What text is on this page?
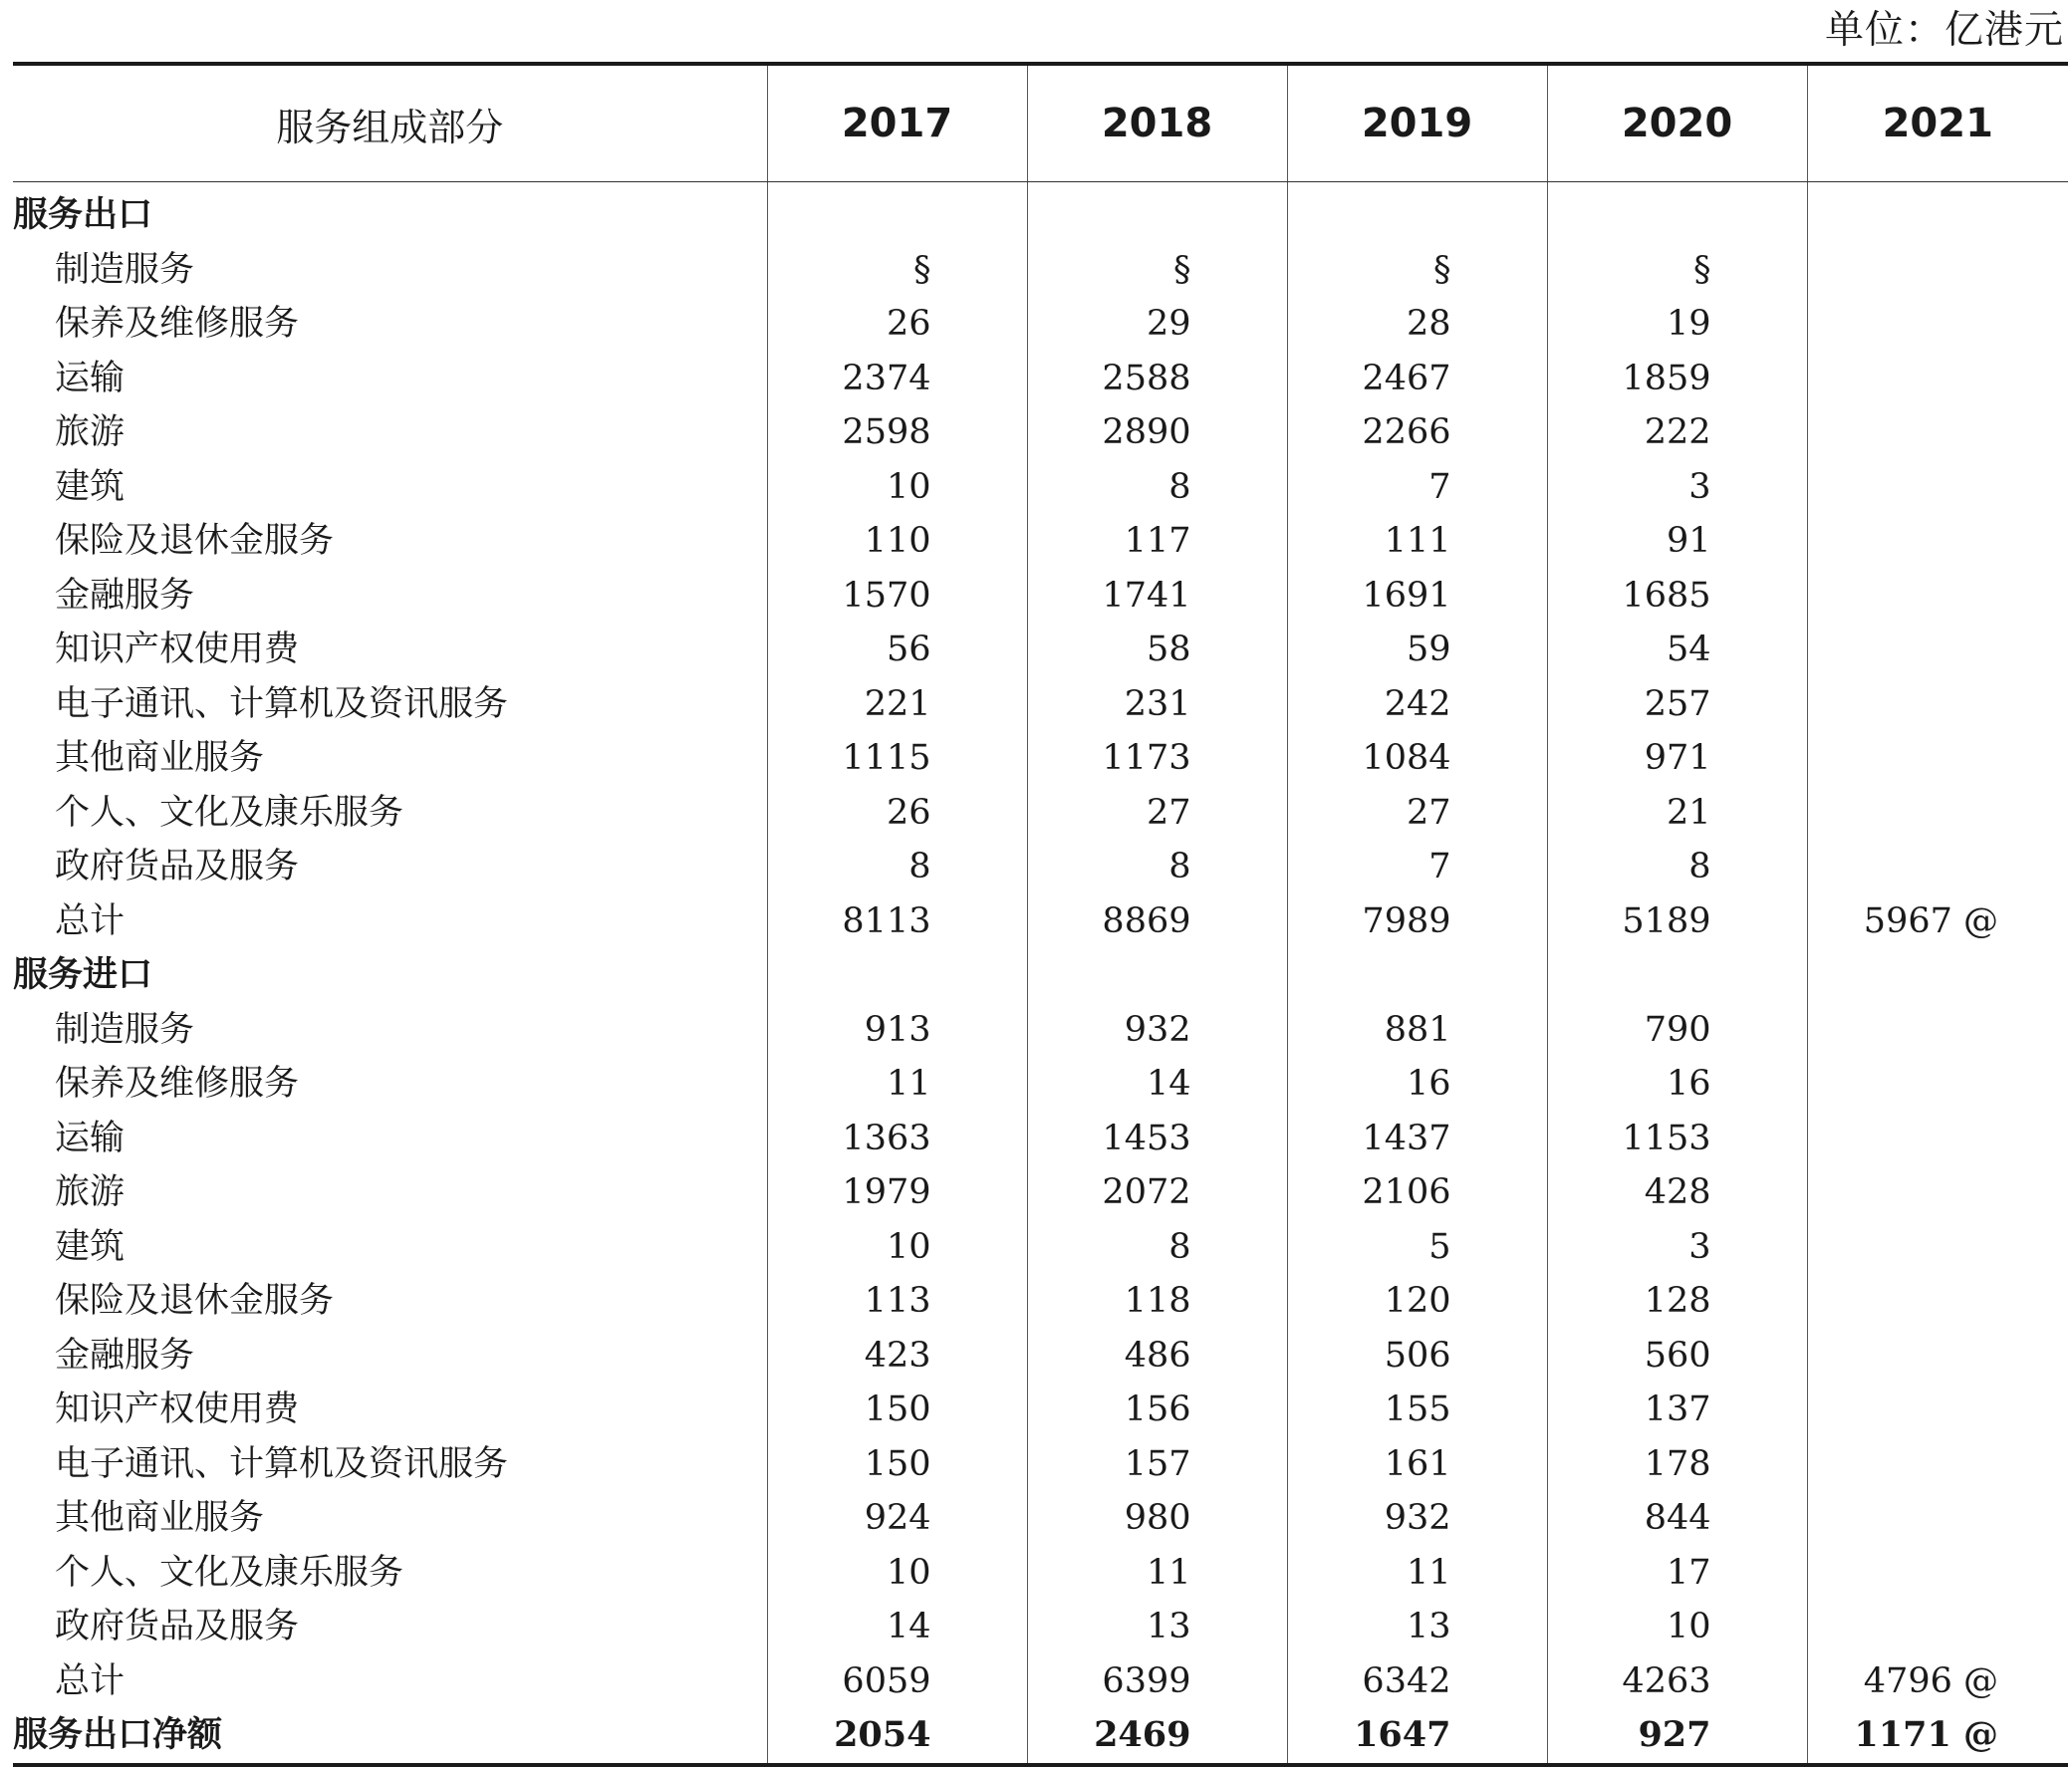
单位：亿港元
服务组成部分	2017	2018	2019	2020	2021
服务出口					
制造服务	§	§	§	§	
保养及维修服务	26	29	28	19	
运输	2374	2588	2467	1859	
旅游	2598	2890	2266	222	
建筑	10	8	7	3	
保险及退休金服务	110	117	111	91	
金融服务	1570	1741	1691	1685	
知识产权使用费	56	58	59	54	
电子通讯、计算机及资讯服务	221	231	242	257	
其他商业服务	1115	1173	1084	971	
个人、文化及康乐服务	26	27	27	21	
政府货品及服务	8	8	7	8	
总计	8113	8869	7989	5189	5967 @
服务进口					
制造服务	913	932	881	790	
保养及维修服务	11	14	16	16	
运输	1363	1453	1437	1153	
旅游	1979	2072	2106	428	
建筑	10	8	5	3	
保险及退休金服务	113	118	120	128	
金融服务	423	486	506	560	
知识产权使用费	150	156	155	137	
电子通讯、计算机及资讯服务	150	157	161	178	
其他商业服务	924	980	932	844	
个人、文化及康乐服务	10	11	11	17	
政府货品及服务	14	13	13	10	
总计	6059	6399	6342	4263	4796 @
服务出口净额	2054	2469	1647	927	1171 @
